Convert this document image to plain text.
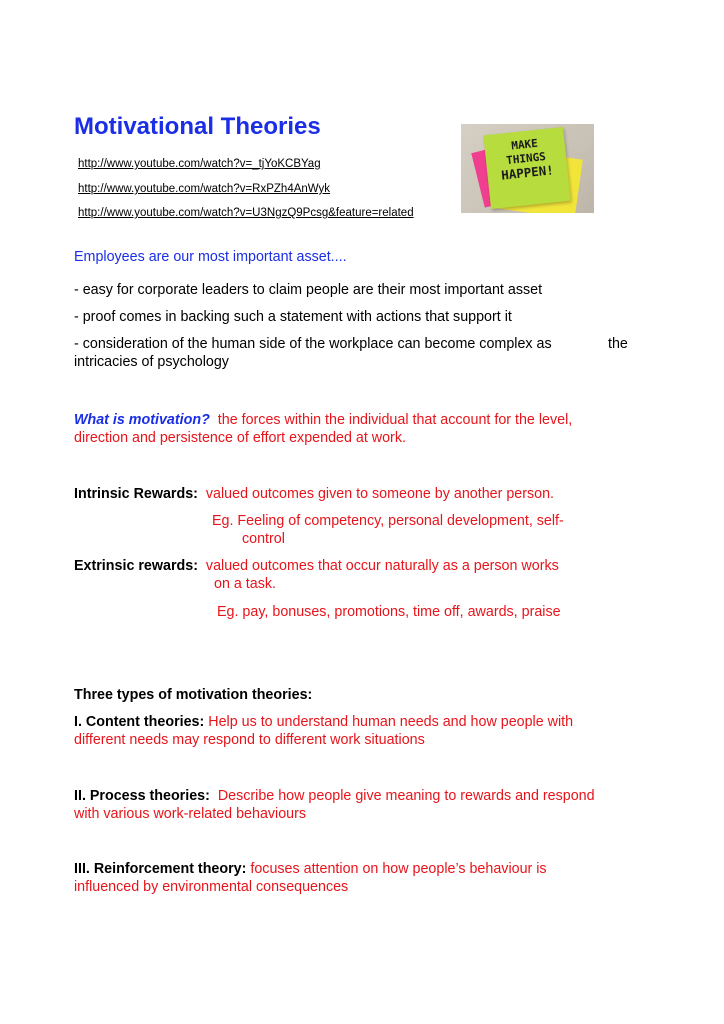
Motivational Theories
http://www.youtube.com/watch?v=_tjYoKCBYag
http://www.youtube.com/watch?v=RxPZh4AnWyk
http://www.youtube.com/watch?v=U3NgzQ9Pcsg&feature=related
MAKE
THINGS
HAPPEN!
Employees are our most important asset....
- easy for corporate leaders to claim people are their most important asset
- proof comes in backing such a statement with actions that support it
- consideration of the human side of the workplace can become complex as	the
intricacies of psychology
What is motivation? the forces within the individual that account for the level,
direction and persistence of effort expended at work.
Intrinsic Rewards: valued outcomes given to someone by another person.
Eg. Feeling of competency, personal development, self-
control
Extrinsic rewards: valued outcomes that occur naturally as a person works
on a task.
Eg. pay, bonuses, promotions, time off, awards, praise
Three types of motivation theories:
I. Content theories: Help us to understand human needs and how people with
different needs may respond to different work situations
II. Process theories: Describe how people give meaning to rewards and respond
with various work-related behaviours
III. Reinforcement theory: focuses attention on how people’s behaviour is
influenced by environmental consequences
